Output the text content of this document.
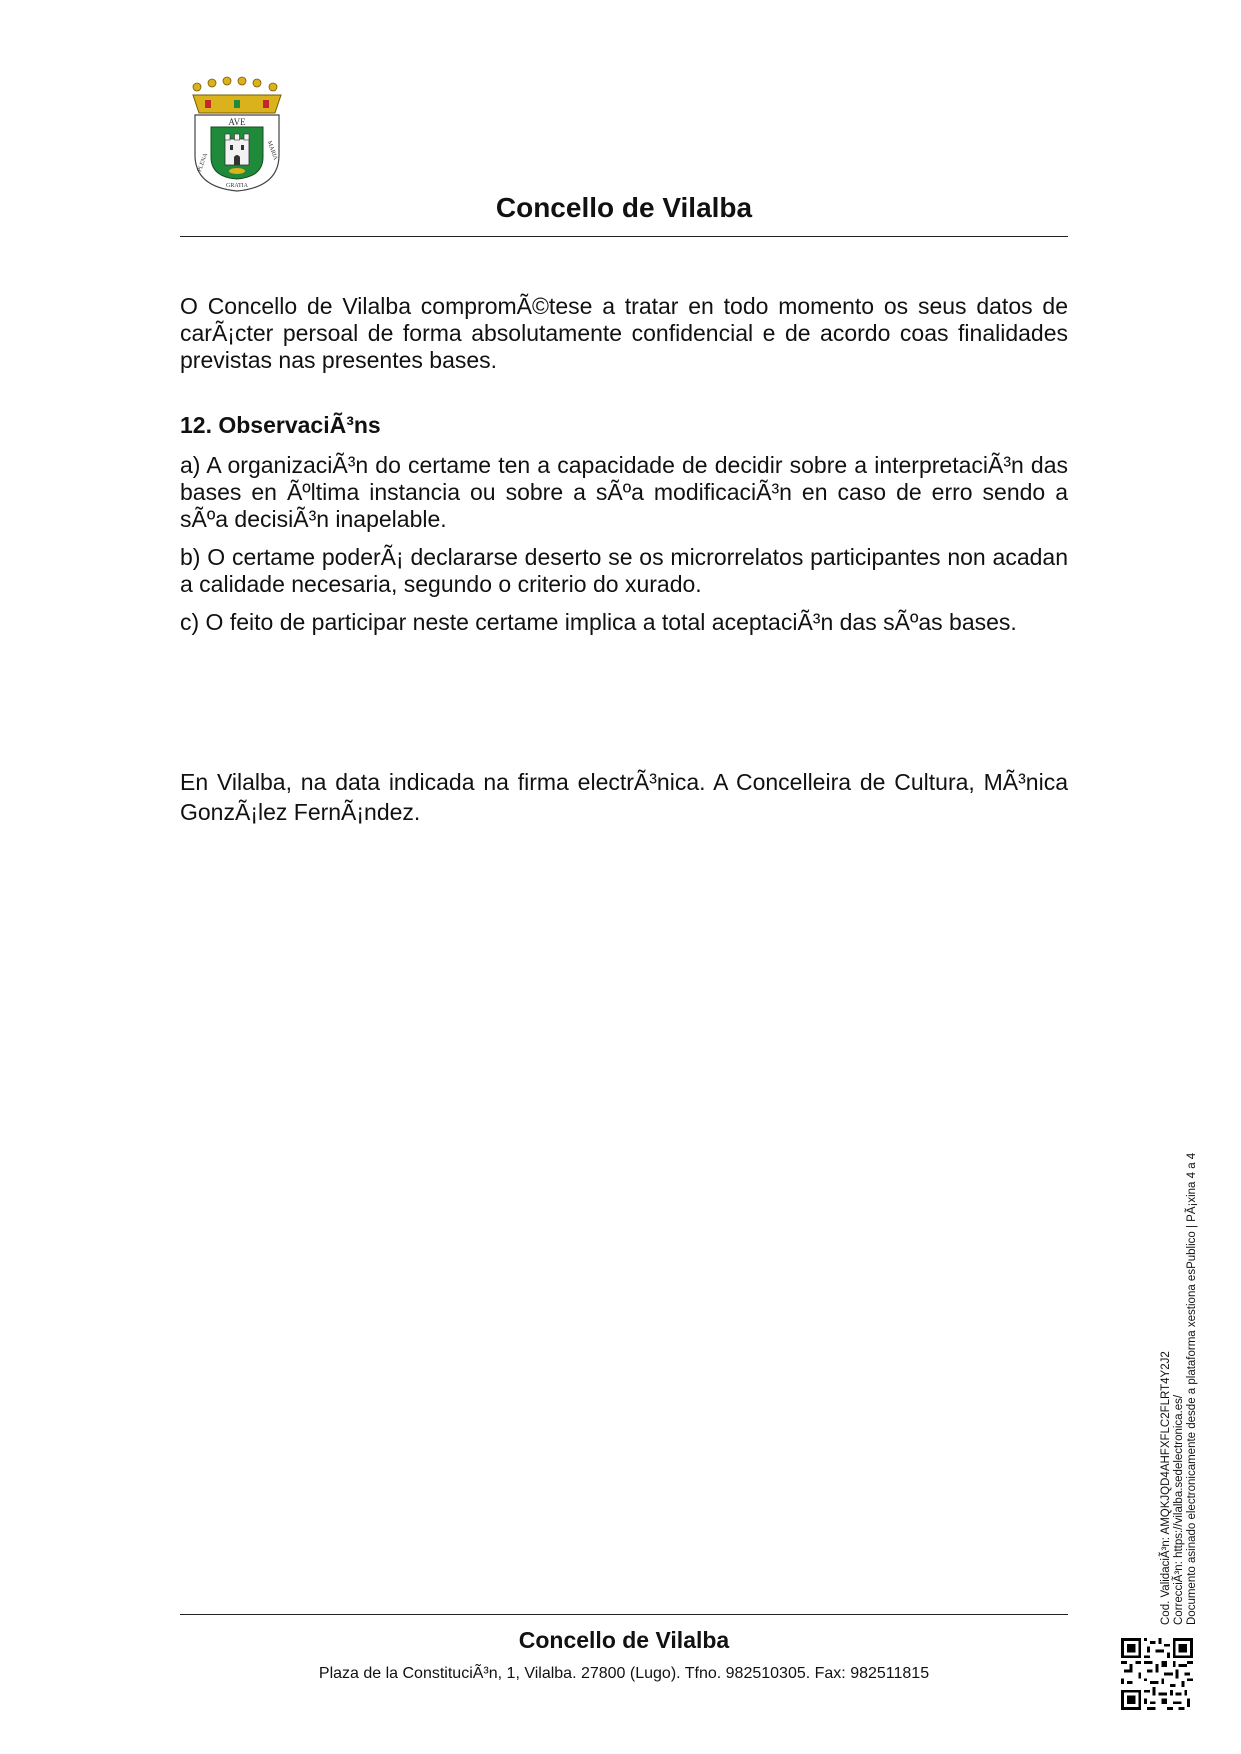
AVE
PLENA
MARIA
GRATIA
Concello de Vilalba

O Concello de Vilalba compromÃ©tese a tratar en todo momento os seus datos de carÃ¡cter persoal de forma absolutamente confidencial e de acordo coas finalidades previstas nas presentes bases.

12. ObservaciÃ³ns

a) A organizaciÃ³n do certame ten a capacidade de decidir sobre a interpretaciÃ³n das bases en Ãºltima instancia ou sobre a sÃºa modificaciÃ³n en caso de erro sendo a sÃºa decisiÃ³n inapelable.

b) O certame poderÃ¡ declararse deserto se os microrrelatos participantes non acadan a calidade necesaria, segundo o criterio do xurado.

c) O feito de participar neste certame implica a total aceptaciÃ³n das sÃºas bases.

En Vilalba, na data indicada na firma electrÃ³nica. A Concelleira de Cultura, MÃ³nica GonzÃ¡lez FernÃ¡ndez.

Concello de Vilalba
Plaza de la ConstituciÃ³n, 1, Vilalba. 27800 (Lugo). Tfno. 982510305. Fax: 982511815
Cod. ValidaciÃ³n: AMQKJQD4AHFXFLC2FLRT4Y2J2 CorrecciÃ³n: https://vilalba.sedelectronica.es/ Documento asinado electronicamente desde a plataforma xestiona esPublico | PÃ¡xina 4 a 4
